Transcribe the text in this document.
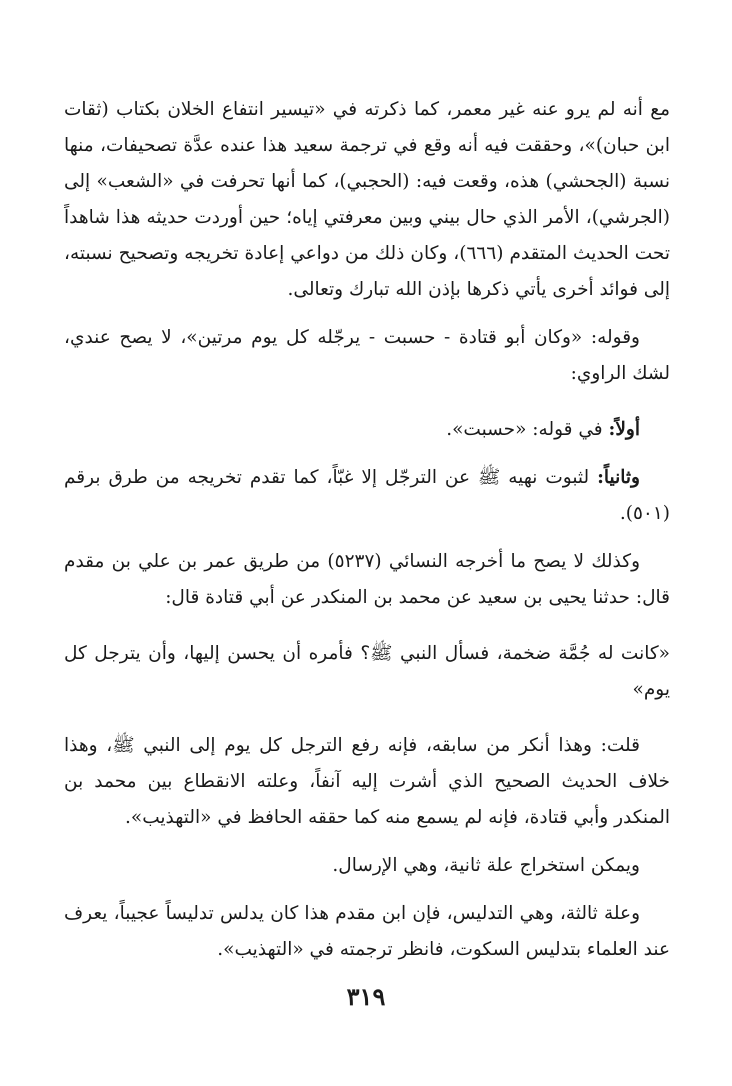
مع أنه لم يرو عنه غير معمر، كما ذكرته في «تيسير انتفاع الخلان بكتاب (ثقات ابن حبان)»، وحققت فيه أنه وقع في ترجمة سعيد هذا عنده عدَّة تصحيفات، منها نسبة (الجحشي) هذه، وقعت فيه: (الحجبي)، كما أنها تحرفت في «الشعب» إلى (الجرشي)، الأمر الذي حال بيني وبين معرفتي إياه؛ حين أوردت حديثه هذا شاهداً تحت الحديث المتقدم (٦٦٦)، وكان ذلك من دواعي إعادة تخريجه وتصحيح نسبته، إلى فوائد أخرى يأتي ذكرها بإذن الله تبارك وتعالى.

وقوله: «وكان أبو قتادة - حسبت - يرجّله كل يوم مرتين»، لا يصح عندي، لشك الراوي:

أولاً: في قوله: «حسبت».

وثانياً: لثبوت نهيه ﷺ عن الترجّل إلا غبّاً، كما تقدم تخريجه من طرق برقم (٥٠١).

وكذلك لا يصح ما أخرجه النسائي (٥٢٣٧) من طريق عمر بن علي بن مقدم قال: حدثنا يحيى بن سعيد عن محمد بن المنكدر عن أبي قتادة قال:

«كانت له جُمَّة ضخمة، فسأل النبي ﷺ؟ فأمره أن يحسن إليها، وأن يترجل كل يوم»

قلت: وهذا أنكر من سابقه، فإنه رفع الترجل كل يوم إلى النبي ﷺ، وهذا خلاف الحديث الصحيح الذي أشرت إليه آنفاً، وعلته الانقطاع بين محمد بن المنكدر وأبي قتادة، فإنه لم يسمع منه كما حققه الحافظ في «التهذيب».

ويمكن استخراج علة ثانية، وهي الإرسال.

وعلة ثالثة، وهي التدليس، فإن ابن مقدم هذا كان يدلس تدليساً عجيباً، يعرف عند العلماء بتدليس السكوت، فانظر ترجمته في «التهذيب».

٣١٩
